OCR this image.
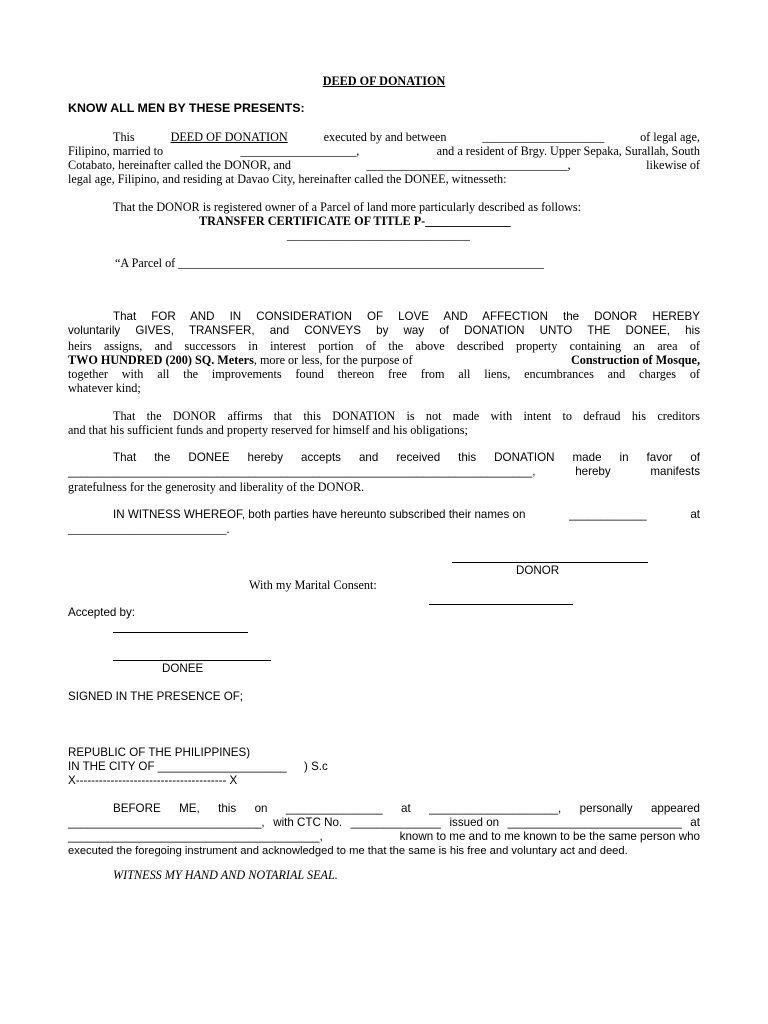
DEED OF DONATION
KNOW ALL MEN BY THESE PRESENTS:
This	DEED OF DONATION	executed by and between	____________________	of legal age,
Filipino, married to	___________________,	and a resident of Brgy. Upper Sepaka, Surallah, South
Cotabato, hereinafter called the DONOR, and	_________________________________,	likewise of
legal age, Filipino, and residing at Davao City, hereinafter called the DONEE, witnesseth:
That the DONOR is registered owner of a Parcel of land more particularly described as follows:
TRANSFER CERTIFICATE OF TITLE P-______________
______________________________
“A Parcel of ____________________________________________________________
That FOR AND IN CONSIDERATION OF LOVE AND AFFECTION the DONOR HEREBY
voluntarily GIVES, TRANSFER, and CONVEYS by way of DONATION UNTO THE DONEE, his
heirs assigns, and successors in interest portion of the above described property containing an area of
TWO HUNDRED (200) SQ. Meters, more or less, for the purpose of	Construction of Mosque,
together with all the improvements found thereon free from all liens, encumbrances and charges of
whatever kind;
That the DONOR affirms that this DONATION is not made with intent to defraud his creditors
and that his sufficient funds and property reserved for himself and his obligations;
That the DONEE hereby accepts and received this DONATION made in favor of
________________________________________________________________________,	hereby	manifests
gratefulness for the generosity and liberality of the DONOR.
IN WITNESS WHEREOF, both parties have hereunto subscribed their names on	____________	at
__________________________.
DONOR
With my Marital Consent:
Accepted by:
DONEE
SIGNED IN THE PRESENCE OF;
REPUBLIC OF THE PHILIPPINES)
IN THE CITY OF ____________________ ) S.c
X--------------------------------------- X
BEFORE ME, this on _______________ at ____________________, personally appeared
______________________________, with CTC No. ______________ issued on ___________________________ at
_______________________________________,	known to me and to me known to be the same person who
executed the foregoing instrument and acknowledged to me that the same is his free and voluntary act and deed.
WITNESS MY HAND AND NOTARIAL SEAL.
